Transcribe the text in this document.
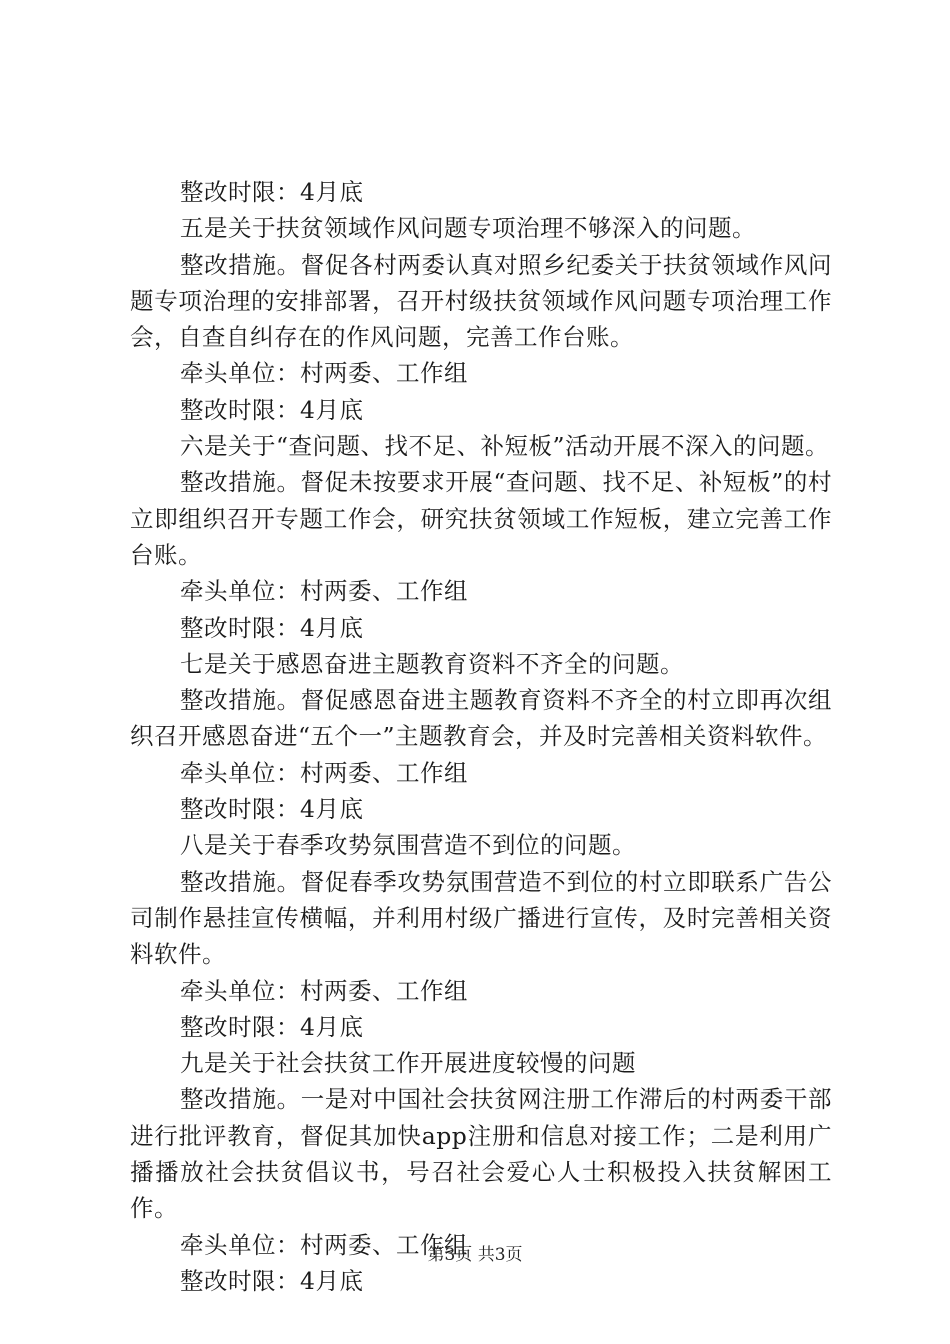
整改时限：4月底

五是关于扶贫领域作风问题专项治理不够深入的问题。

整改措施。督促各村两委认真对照乡纪委关于扶贫领域作风问题专项治理的安排部署，召开村级扶贫领域作风问题专项治理工作会，自查自纠存在的作风问题，完善工作台账。

牵头单位：村两委、工作组

整改时限：4月底

六是关于“查问题、找不足、补短板”活动开展不深入的问题。

整改措施。督促未按要求开展“查问题、找不足、补短板”的村立即组织召开专题工作会，研究扶贫领域工作短板，建立完善工作台账。

牵头单位：村两委、工作组

整改时限：4月底

七是关于感恩奋进主题教育资料不齐全的问题。

整改措施。督促感恩奋进主题教育资料不齐全的村立即再次组织召开感恩奋进“五个一”主题教育会，并及时完善相关资料软件。

牵头单位：村两委、工作组

整改时限：4月底

八是关于春季攻势氛围营造不到位的问题。

整改措施。督促春季攻势氛围营造不到位的村立即联系广告公司制作悬挂宣传横幅，并利用村级广播进行宣传，及时完善相关资料软件。

牵头单位：村两委、工作组

整改时限：4月底

九是关于社会扶贫工作开展进度较慢的问题

整改措施。一是对中国社会扶贫网注册工作滞后的村两委干部进行批评教育，督促其加快app注册和信息对接工作；二是利用广播播放社会扶贫倡议书，号召社会爱心人士积极投入扶贫解困工作。

牵头单位：村两委、工作组

整改时限：4月底

第3页 共3页
